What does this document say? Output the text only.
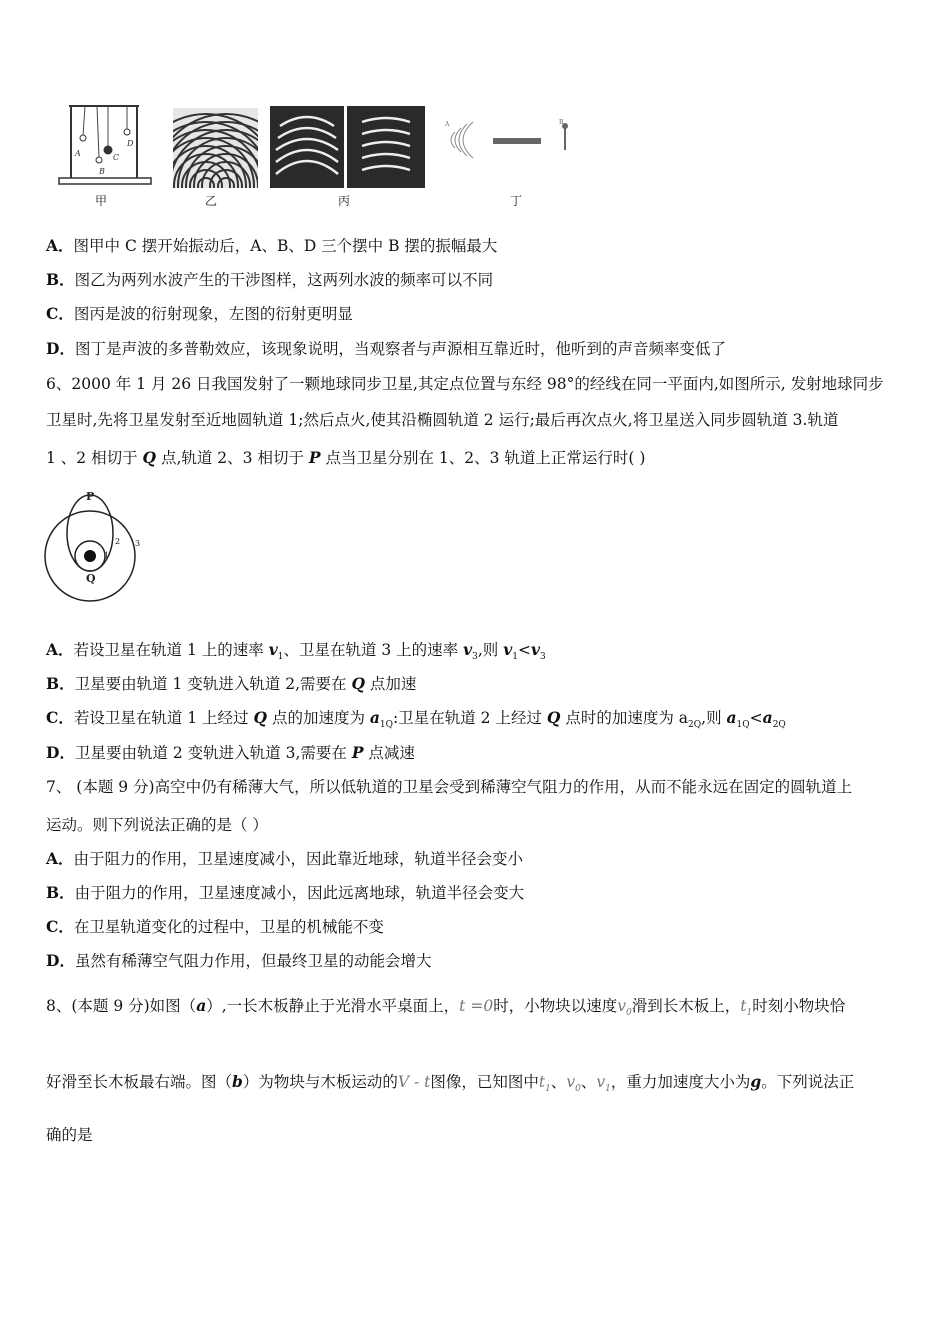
A
B
C
D
甲	乙	丙
A	B
丁
A．图甲中 C 摆开始振动后，A、B、D 三个摆中 B 摆的振幅最大
B．图乙为两列水波产生的干涉图样，这两列水波的频率可以不同
C．图丙是波的衍射现象，左图的衍射更明显
D．图丁是声波的多普勒效应，该现象说明，当观察者与声源相互靠近时，他听到的声音频率变低了
6、2000 年 1 月 26 日我国发射了一颗地球同步卫星,其定点位置与东经 98°的经线在同一平面内,如图所示, 发射地球同步
卫星时,先将卫星发射至近地圆轨道 1;然后点火,使其沿椭圆轨道 2 运行;最后再次点火,将卫星送入同步圆轨道 3.轨道
1 、2 相切于 Q 点,轨道 2、3 相切于 P 点当卫星分别在 1、2、3 轨道上正常运行时( )
P
Q
2
1
3
A．若设卫星在轨道 1 上的速率 $v_1$、卫星在轨道 3 上的速率 $v_3$,则 $v_1<v_3$
B．卫星要由轨道 1 变轨进入轨道 2,需要在 Q 点加速
C．若设卫星在轨道 1 上经过 Q 点的加速度为 $a_{1Q}$:卫星在轨道 2 上经过 Q 点时的加速度为 $a_{2Q}$,则 $a_{1Q}<a_{2Q}$
D．卫星要由轨道 2 变轨进入轨道 3,需要在 P 点减速
7、 (本题 9 分)高空中仍有稀薄大气，所以低轨道的卫星会受到稀薄空气阻力的作用，从而不能永远在固定的圆轨道上
运动。则下列说法正确的是（ ）
A．由于阻力的作用，卫星速度减小，因此靠近地球，轨道半径会变小
B．由于阻力的作用，卫星速度减小，因此远离地球，轨道半径会变大
C．在卫星轨道变化的过程中，卫星的机械能不变
D．虽然有稀薄空气阻力作用，但最终卫星的动能会增大
8、(本题 9 分)如图（a）,一长木板静止于光滑水平桌面上，t =0时，小物块以速度$v_0$滑到长木板上，$t_1$时刻小物块恰
好滑至长木板最右端。图（b）为物块与木板运动的V - t图像，已知图中$t_1$、$v_0$、$v_1$，重力加速度大小为g。下列说法正
确的是
